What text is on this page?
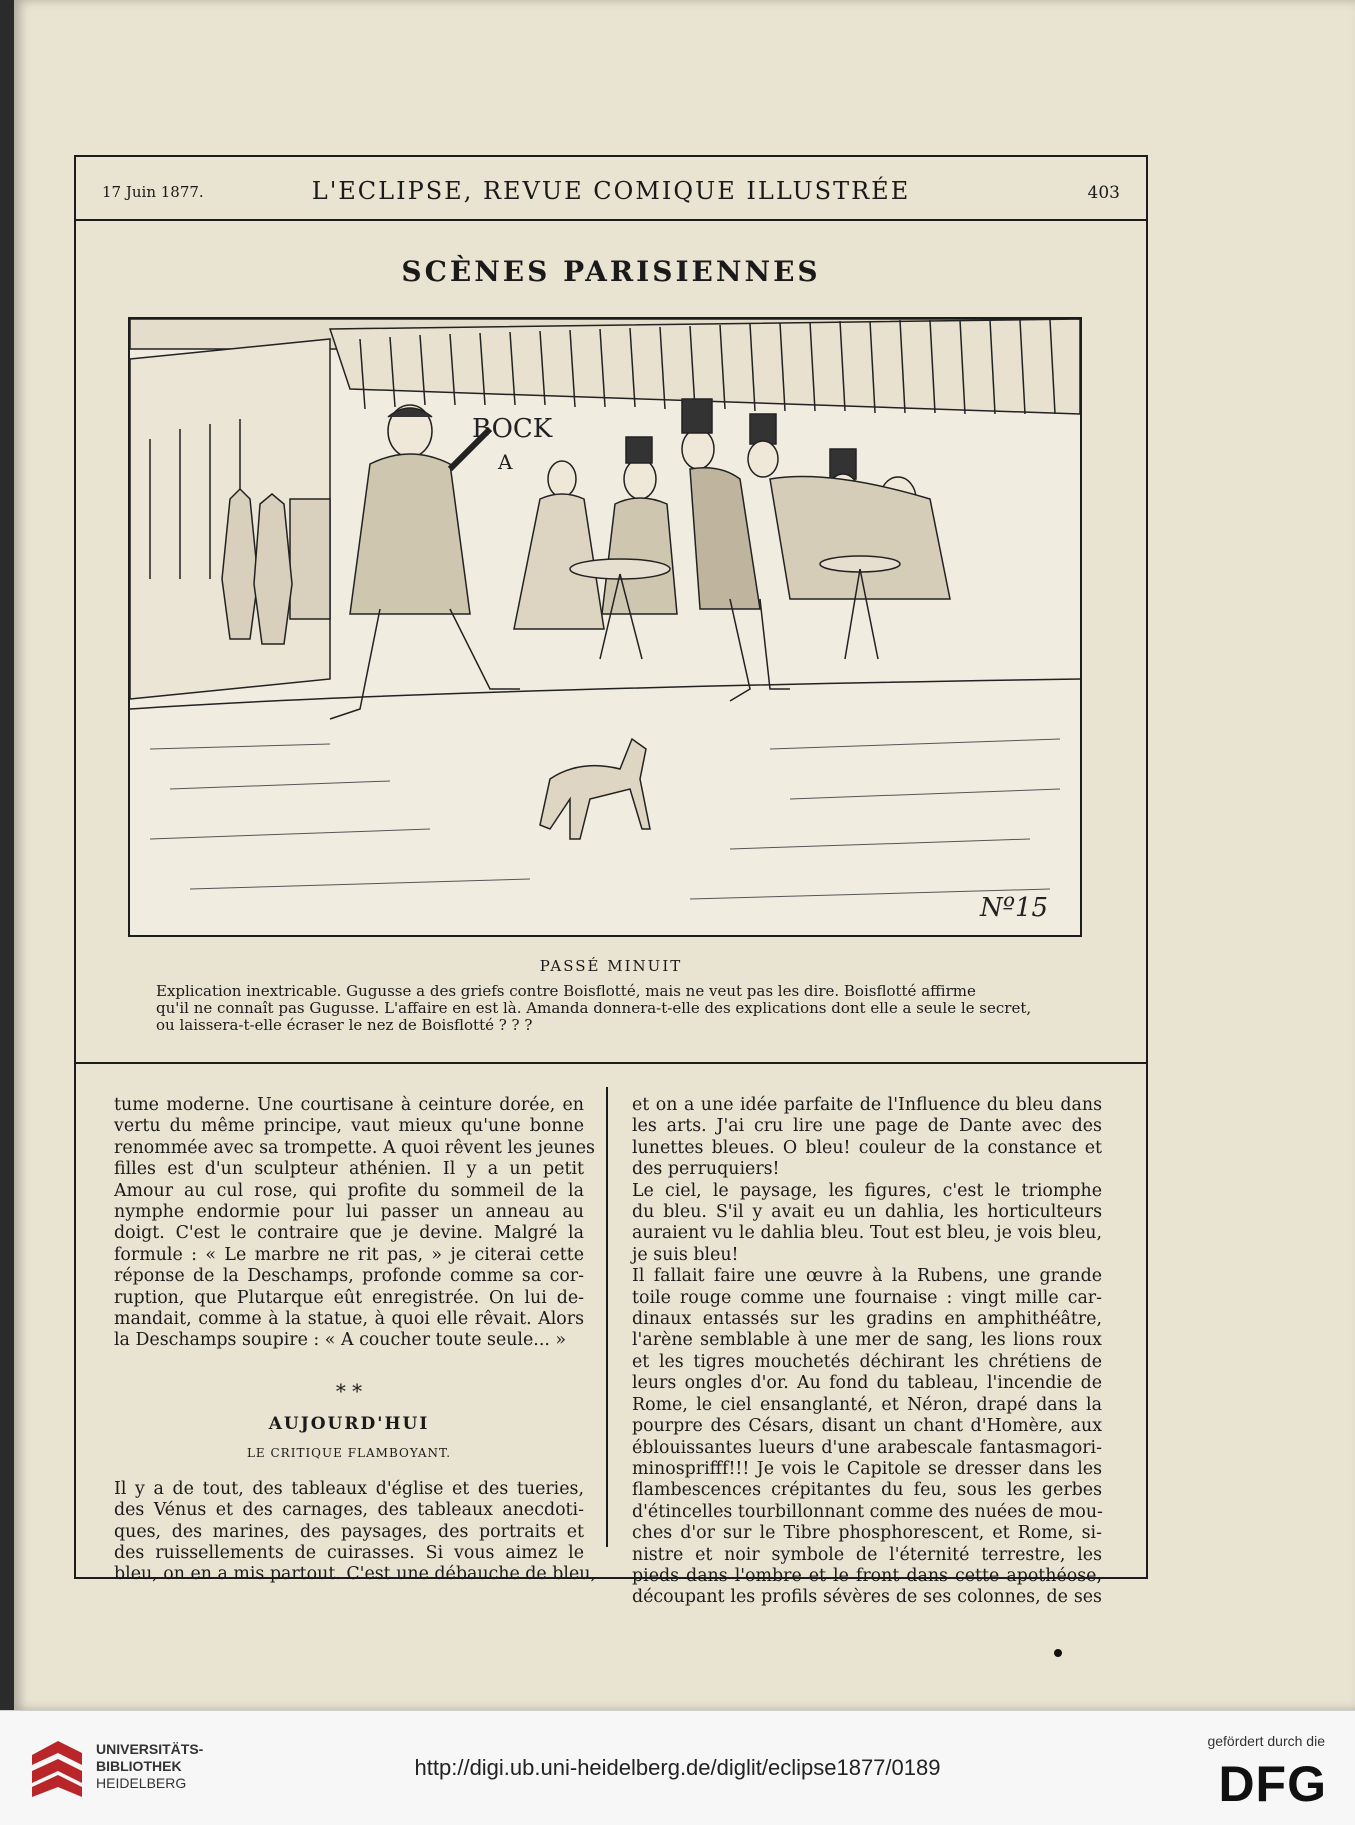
17 Juin 1877.	L'ECLIPSE, REVUE COMIQUE ILLUSTRÉE	403
SCÈNES PARISIENNES
BOCK
A
Nº15
PASSÉ MINUIT
Explication inextricable. Gugusse a des griefs contre Boisflotté, mais ne veut pas les dire. Boisflotté affirme
qu'il ne connaît pas Gugusse. L'affaire en est là. Amanda donnera-t-elle des explications dont elle a seule le secret,
ou laissera-t-elle écraser le nez de Boisflotté ? ? ?

tume moderne. Une courtisane à ceinture dorée, en
vertu du même principe, vaut mieux qu'une bonne
renommée avec sa trompette. A quoi rêvent les jeunes
filles est d'un sculpteur athénien. Il y a un petit
Amour au cul rose, qui profite du sommeil de la
nymphe endormie pour lui passer un anneau au
doigt. C'est le contraire que je devine. Malgré la
formule : « Le marbre ne rit pas, » je citerai cette
réponse de la Deschamps, profonde comme sa cor-
ruption, que Plutarque eût enregistrée. On lui de-
mandait, comme à la statue, à quoi elle rêvait. Alors
la Deschamps soupire : « A coucher toute seule... »

* *
AUJOURD'HUI
LE CRITIQUE FLAMBOYANT.

Il y a de tout, des tableaux d'église et des tueries,
des Vénus et des carnages, des tableaux anecdoti-
ques, des marines, des paysages, des portraits et
des ruissellements de cuirasses. Si vous aimez le
bleu, on en a mis partout. C'est une débauche de bleu,

et on a une idée parfaite de l'Influence du bleu dans
les arts. J'ai cru lire une page de Dante avec des
lunettes bleues. O bleu! couleur de la constance et
des perruquiers!

Le ciel, le paysage, les figures, c'est le triomphe
du bleu. S'il y avait eu un dahlia, les horticulteurs
auraient vu le dahlia bleu. Tout est bleu, je vois bleu,
je suis bleu!

Il fallait faire une œuvre à la Rubens, une grande
toile rouge comme une fournaise : vingt mille car-
dinaux entassés sur les gradins en amphithéâtre,
l'arène semblable à une mer de sang, les lions roux
et les tigres mouchetés déchirant les chrétiens de
leurs ongles d'or. Au fond du tableau, l'incendie de
Rome, le ciel ensanglanté, et Néron, drapé dans la
pourpre des Césars, disant un chant d'Homère, aux
éblouissantes lueurs d'une arabescale fantasmagori-
minosprifff!!! Je vois le Capitole se dresser dans les
flambescences crépitantes du feu, sous les gerbes
d'étincelles tourbillonnant comme des nuées de mou-
ches d'or sur le Tibre phosphorescent, et Rome, si-
nistre et noir symbole de l'éternité terrestre, les
pieds dans l'ombre et le front dans cette apothéose,
découpant les profils sévères de ses colonnes, de ses

UNIVERSITÄTS-
BIBLIOTHEK
HEIDELBERG
http://digi.ub.uni-heidelberg.de/diglit/eclipse1877/0189
gefördert durch die
DFG
